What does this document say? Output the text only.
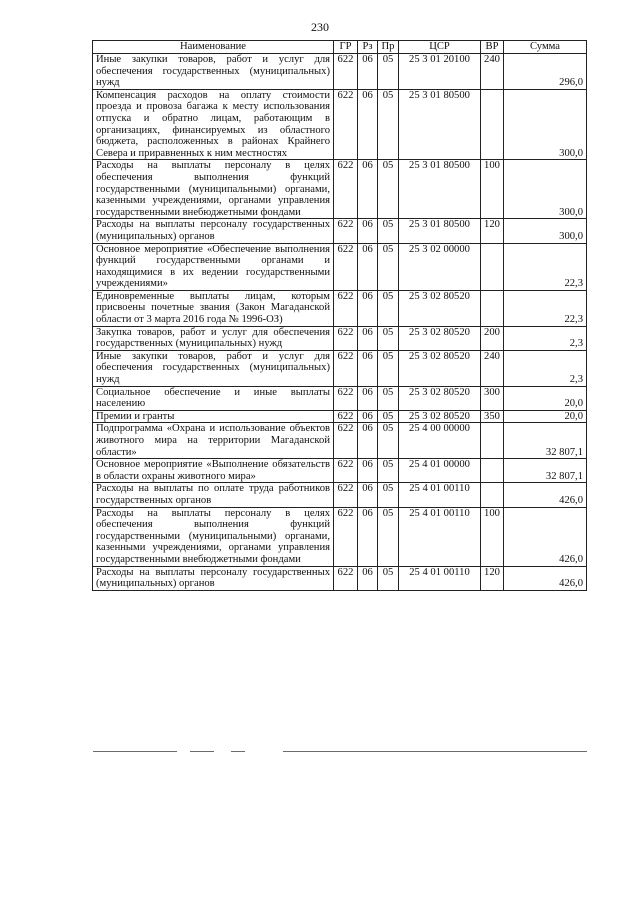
230
Наименование	ГР	Рз	Пр	ЦСР	ВР	Сумма
Иные закупки товаров, работ и услуг для обеспечения государственных (муниципальных) нужд	622	06	05	25 3 01 20100	240	296,0
Компенсация расходов на оплату стоимости проезда и провоза багажа к месту использования отпуска и обратно лицам, работающим в организациях, финансируемых из областного бюджета, расположенных в районах Крайнего Севера и приравненных к ним местностях	622	06	05	25 3 01 80500		300,0
Расходы на выплаты персоналу в целях обеспечения выполнения функций государственными (муниципальными) органами, казенными учреждениями, органами управления государственными внебюджетными фондами	622	06	05	25 3 01 80500	100	300,0
Расходы на выплаты персоналу государственных (муниципальных) органов	622	06	05	25 3 01 80500	120	300,0
Основное мероприятие «Обеспечение выполнения функций государственными органами и находящимися в их ведении государственными учреждениями»	622	06	05	25 3 02 00000		22,3
Единовременные выплаты лицам, которым присвоены почетные звания (Закон Магаданской области от 3 марта 2016 года № 1996-ОЗ)	622	06	05	25 3 02 80520		22,3
Закупка товаров, работ и услуг для обеспечения государственных (муниципальных) нужд	622	06	05	25 3 02 80520	200	2,3
Иные закупки товаров, работ и услуг для обеспечения государственных (муниципальных) нужд	622	06	05	25 3 02 80520	240	2,3
Социальное обеспечение и иные выплаты населению	622	06	05	25 3 02 80520	300	20,0
Премии и гранты	622	06	05	25 3 02 80520	350	20,0
Подпрограмма «Охрана и использование объектов животного мира на территории Магаданской области»	622	06	05	25 4 00 00000		32 807,1
Основное мероприятие «Выполнение обязательств в области охраны животного мира»	622	06	05	25 4 01 00000		32 807,1
Расходы на выплаты по оплате труда работников государственных органов	622	06	05	25 4 01 00110		426,0
Расходы на выплаты персоналу в целях обеспечения выполнения функций государственными (муниципальными) органами, казенными учреждениями, органами управления государственными внебюджетными фондами	622	06	05	25 4 01 00110	100	426,0
Расходы на выплаты персоналу государственных (муниципальных) органов	622	06	05	25 4 01 00110	120	426,0
